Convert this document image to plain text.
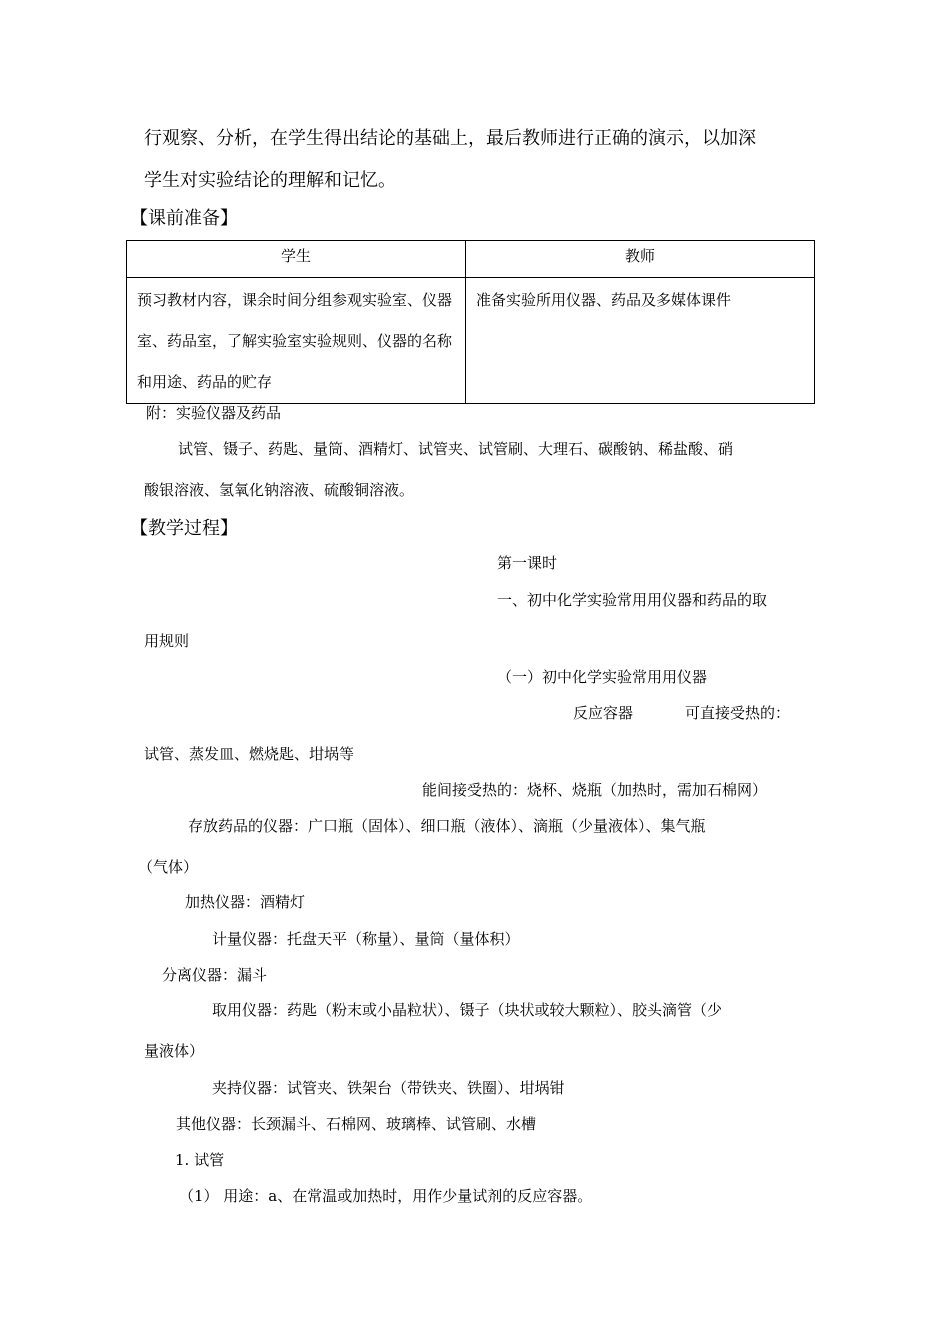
行观察、分析，在学生得出结论的基础上，最后教师进行正确的演示，以加深
学生对实验结论的理解和记忆。
【课前准备】
学生	教师
预习教材内容，课余时间分组参观实验室、仪器室、药品室，了解实验室实验规则、仪器的名称和用途、药品的贮存	准备实验所用仪器、药品及多媒体课件
附：实验仪器及药品
试管、镊子、药匙、量筒、酒精灯、试管夹、试管刷、大理石、碳酸钠、稀盐酸、硝
酸银溶液、氢氧化钠溶液、硫酸铜溶液。
【教学过程】
第一课时
一、初中化学实验常用用仪器和药品的取
用规则
（一）初中化学实验常用用仪器
反应容器	可直接受热的：
试管、蒸发皿、燃烧匙、坩埚等
能间接受热的：烧杯、烧瓶（加热时，需加石棉网）
存放药品的仪器：广口瓶（固体）、细口瓶（液体）、滴瓶（少量液体）、集气瓶
（气体）
加热仪器：酒精灯
计量仪器：托盘天平（称量）、量筒（量体积）
分离仪器：漏斗
取用仪器：药匙（粉末或小晶粒状）、镊子（块状或较大颗粒）、胶头滴管（少
量液体）
夹持仪器：试管夹、铁架台（带铁夹、铁圈）、坩埚钳
其他仪器：长颈漏斗、石棉网、玻璃棒、试管刷、水槽
1. 试管
（1） 用途：a、在常温或加热时，用作少量试剂的反应容器。
